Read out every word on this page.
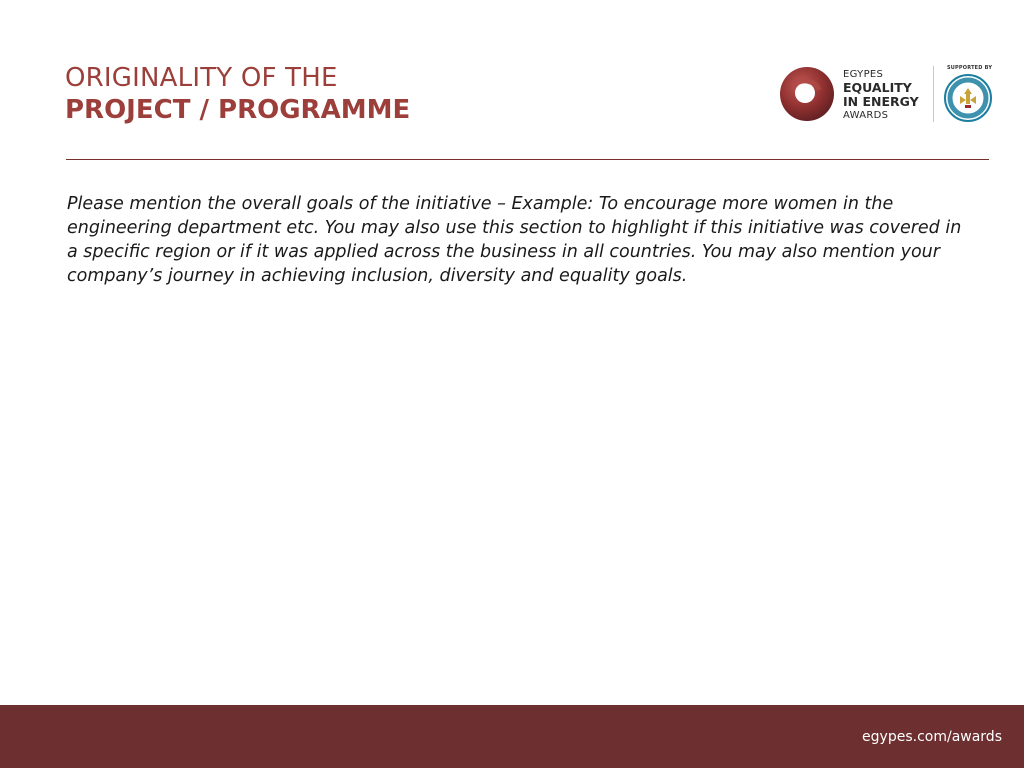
ORIGINALITY OF THE
PROJECT / PROGRAMME
EGYPES
EQUALITY
IN ENERGY
AWARDS
SUPPORTED BY
Please mention the overall goals of the initiative – Example: To encourage more women in the engineering department etc. You may also use this section to highlight if this initiative was covered in a specific region or if it was applied across the business in all countries. You may also mention your company’s journey in achieving inclusion, diversity and equality goals.
egypes.com/awards
